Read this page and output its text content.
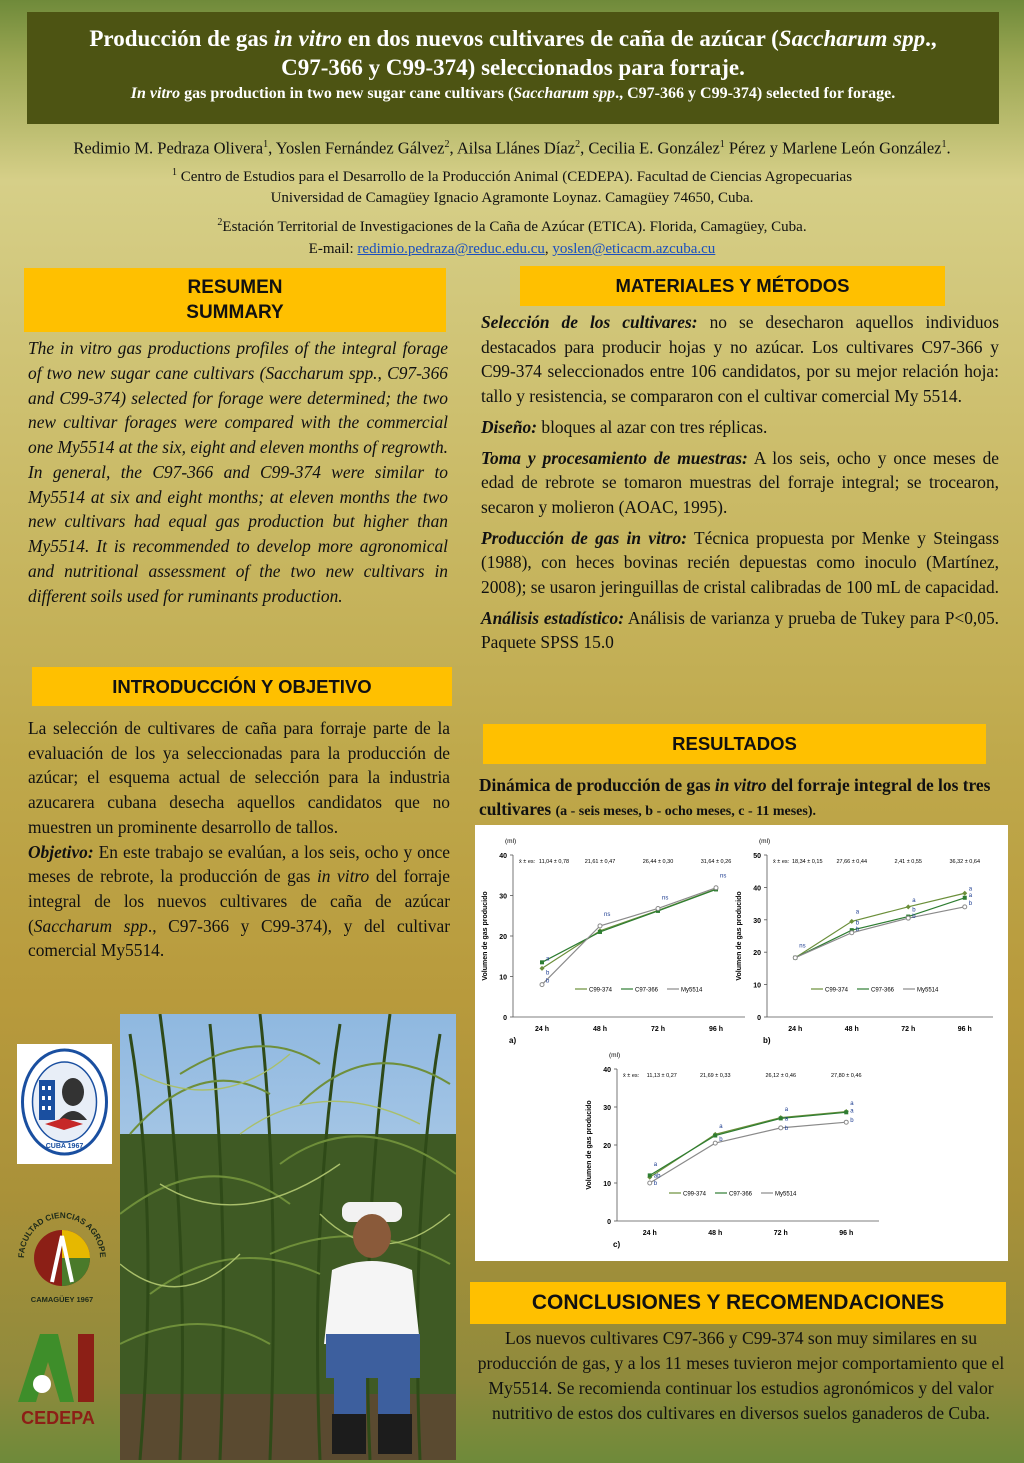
Producción de gas in vitro en dos nuevos cultivares de caña de azúcar (Saccharum spp.,
C97-366 y C99-374) seleccionados para forraje.
In vitro gas production in two new sugar cane cultivars (Saccharum spp., C97-366 y C99-374) selected for forage.
Redimio M. Pedraza Olivera$^1$, Yoslen Fernández Gálvez$^2$, Ailsa Llánes Díaz$^2$, Cecilia E. González$^1$ Pérez y Marlene León González$^1$.
$^1$ Centro de Estudios para el Desarrollo de la Producción Animal (CEDEPA). Facultad de Ciencias Agropecuarias
Universidad de Camagüey Ignacio Agramonte Loynaz. Camagüey 74650, Cuba.
$^2$Estación Territorial de Investigaciones de la Caña de Azúcar (ETICA). Florida, Camagüey, Cuba.
E-mail: redimio.pedraza@reduc.edu.cu, yoslen@eticacm.azcuba.cu
RESUMEN
SUMMARY
The in vitro gas productions profiles of the integral forage of two new sugar cane cultivars (Saccharum spp., C97-366 and C99-374) selected for forage were determined; the two new cultivar forages were compared with the commercial one My5514 at the six, eight and eleven months of regrowth. In general, the C97-366 and C99-374 were similar to My5514 at six and eight months; at eleven months the two new cultivars had equal gas production but higher than My5514. It is recommended to develop more agronomical and nutritional assessment of the two new cultivars in different soils used for ruminants production.
INTRODUCCIÓN Y OBJETIVO
La selección de cultivares de caña para forraje parte de la evaluación de los ya seleccionadas para la producción de azúcar; el esquema actual de selección para la industria azucarera cubana desecha aquellos candidatos que no muestren un prominente desarrollo de tallos.
Objetivo: En este trabajo se evalúan, a los seis, ocho y once meses de rebrote, la producción de gas in vitro del forraje integral de los nuevos cultivares de caña de azúcar (Saccharum spp., C97-366 y C99-374), y del cultivar comercial My5514.
CUBA 1967
FACULTAD CIENCIAS AGROPE
CAMAGÜEY 1967
CEDEPA
MATERIALES Y MÉTODOS

Selección de los cultivares: no se desecharon aquellos individuos destacados para producir hojas y no azúcar. Los cultivares C97-366 y C99-374 seleccionados entre 106 candidatos, por su mejor relación hoja: tallo y resistencia, se compararon con el cultivar comercial My 5514.

Diseño: bloques al azar con tres réplicas.

Toma y procesamiento de muestras: A los seis, ocho y once meses de edad de rebrote se tomaron muestras del forraje integral; se trocearon, secaron y molieron (AOAC, 1995).

Producción de gas in vitro: Técnica propuesta por Menke y Steingass (1988), con heces bovinas recién depuestas como inoculo (Martínez, 2008); se usaron jeringuillas de cristal calibradas de 100 mL de capacidad.

Análisis estadístico: Análisis de varianza y prueba de Tukey para P<0,05. Paquete SPSS 15.0

RESULTADOS
Dinámica de producción de gas in vitro del forraje integral de los tres cultivares (a - seis meses, b - ocho meses, c - 11 meses).
0
10
20
30
40
24 h	48 h	72 h	96 h
(ml)
Volumen de gas producido
a)
x̄ ± es: 11,04 ± 0,78	21,61 ± 0,47	26,44 ± 0,30	31,64 ± 0,26
a
b
b
ns
ns
ns
C99-374	C97-366	My5514
0
10
20
30
40
50
24 h	48 h	72 h	96 h
(ml)
Volumen de gas producido
b)
x̄ ± es: 18,34 ± 0,15	27,66 ± 0,44	2,41 ± 0,55	36,32 ± 0,64
ns
a
b
b
a
b
b
a
a
b
C99-374	C97-366	My5514
0
10
20
30
40
24 h	48 h	72 h	96 h
(ml)
Volumen de gas producido
c)
x̄ ± es: 11,13 ± 0,27	21,69 ± 0,33	26,12 ± 0,46	27,80 ± 0,46
a
ab
b
a
b
a
a
b
a
a
b
C99-374	C97-366	My5514
CONCLUSIONES Y RECOMENDACIONES
Los nuevos cultivares C97-366 y C99-374 son muy similares en su producción de gas, y a los 11 meses tuvieron mejor comportamiento que el My5514. Se recomienda continuar los estudios agronómicos y del valor nutritivo de estos dos cultivares en diversos suelos ganaderos de Cuba.
